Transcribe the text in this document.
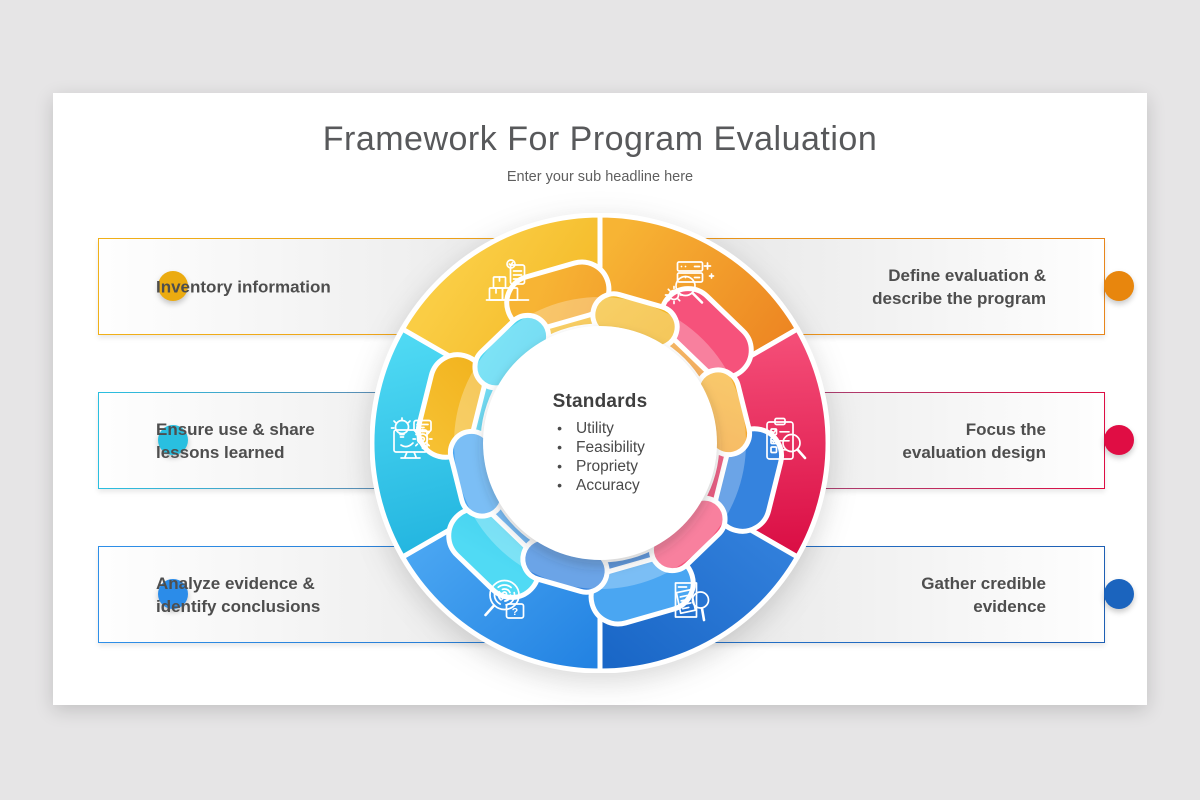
Framework For Program Evaluation
Enter your sub headline here
Inventory information
Define evaluation &
describe the program
Ensure use & share
lessons learned
Focus the
evaluation design
Analyze evidence &
identify conclusions
Gather credible
evidence
?
Standards
• Utility
• Feasibility
• Propriety
• Accuracy
